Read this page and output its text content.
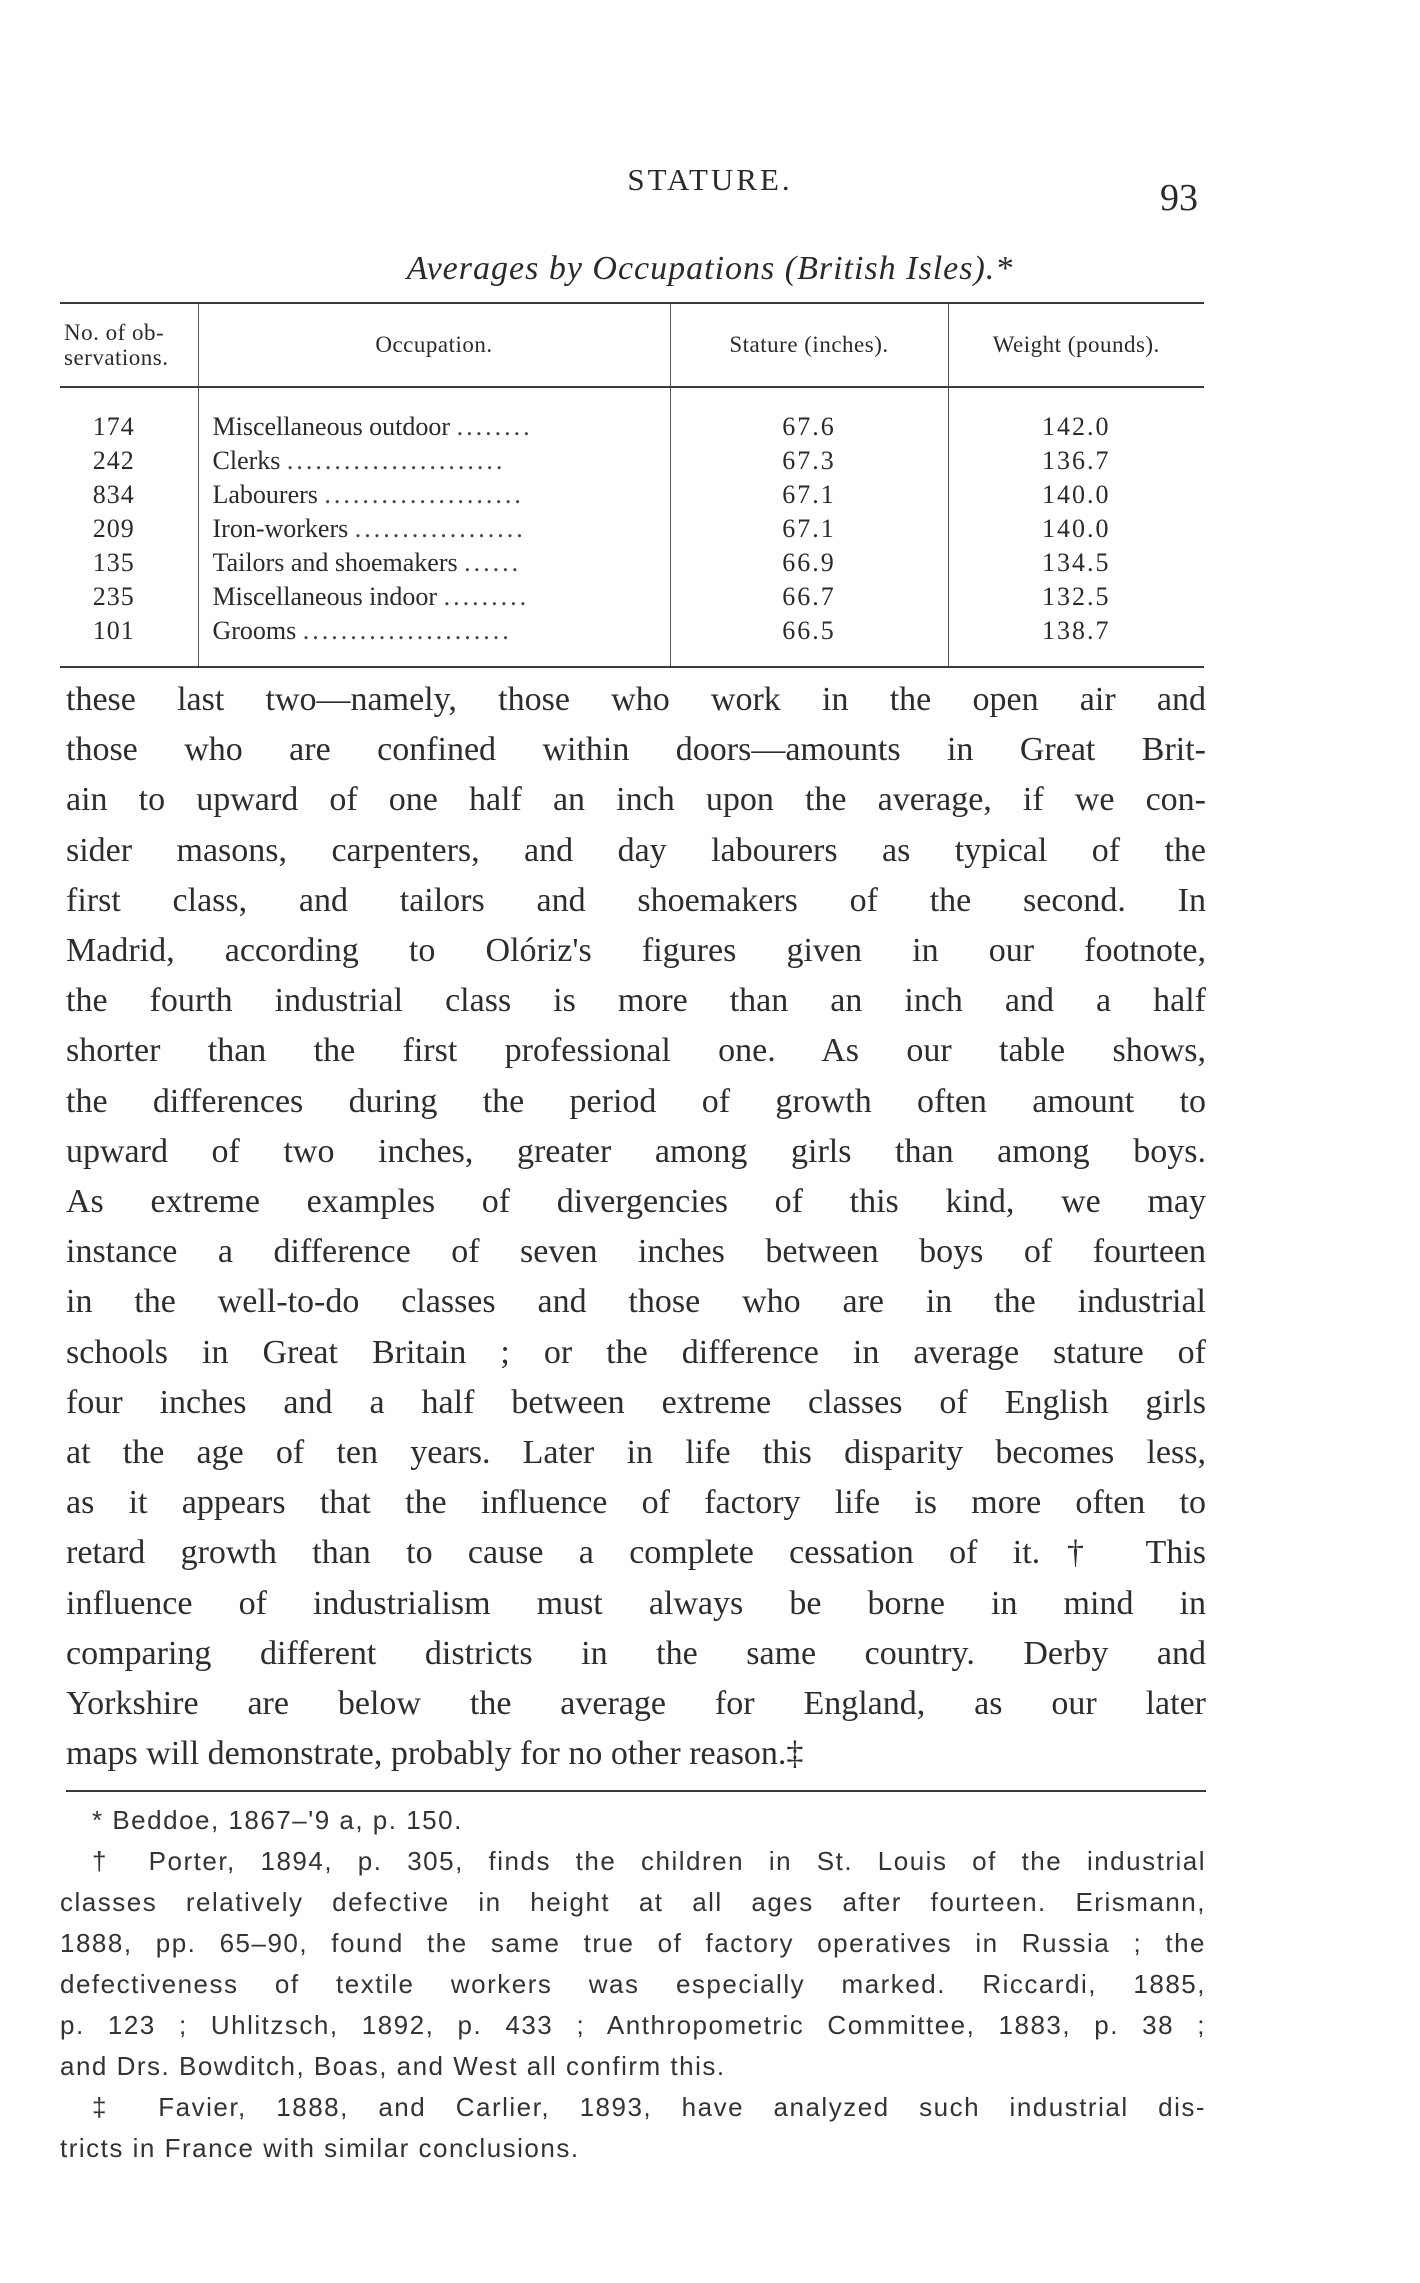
STATURE.	93
Averages by Occupations (British Isles).*
No. of ob-
servations.	Occupation.	Stature (inches).	Weight (pounds).
174	Miscellaneous outdoor ........	67.6	142.0
242	Clerks .......................	67.3	136.7
834	Labourers .....................	67.1	140.0
209	Iron-workers ..................	67.1	140.0
135	Tailors and shoemakers ......	66.9	134.5
235	Miscellaneous indoor .........	66.7	132.5
101	Grooms ......................	66.5	138.7
these last two—namely, those who work in the open air and
those who are confined within doors—amounts in Great Brit-
ain to upward of one half an inch upon the average, if we con-
sider masons, carpenters, and day labourers as typical of the
first class, and tailors and shoemakers of the second. In
Madrid, according to Olóriz's figures given in our footnote,
the fourth industrial class is more than an inch and a half
shorter than the first professional one. As our table shows,
the differences during the period of growth often amount to
upward of two inches, greater among girls than among boys.
As extreme examples of divergencies of this kind, we may
instance a difference of seven inches between boys of fourteen
in the well-to-do classes and those who are in the industrial
schools in Great Britain ; or the difference in average stature of
four inches and a half between extreme classes of English girls
at the age of ten years. Later in life this disparity becomes less,
as it appears that the influence of factory life is more often to
retard growth than to cause a complete cessation of it.† This
influence of industrialism must always be borne in mind in
comparing different districts in the same country. Derby and
Yorkshire are below the average for England, as our later
maps will demonstrate, probably for no other reason.‡
* Beddoe, 1867–'9 a, p. 150.
† Porter, 1894, p. 305, finds the children in St. Louis of the industrial
classes relatively defective in height at all ages after fourteen. Erismann,
1888, pp. 65–90, found the same true of factory operatives in Russia ; the
defectiveness of textile workers was especially marked. Riccardi, 1885,
p. 123 ; Uhlitzsch, 1892, p. 433 ; Anthropometric Committee, 1883, p. 38 ;
and Drs. Bowditch, Boas, and West all confirm this.
‡ Favier, 1888, and Carlier, 1893, have analyzed such industrial dis-
tricts in France with similar conclusions.
